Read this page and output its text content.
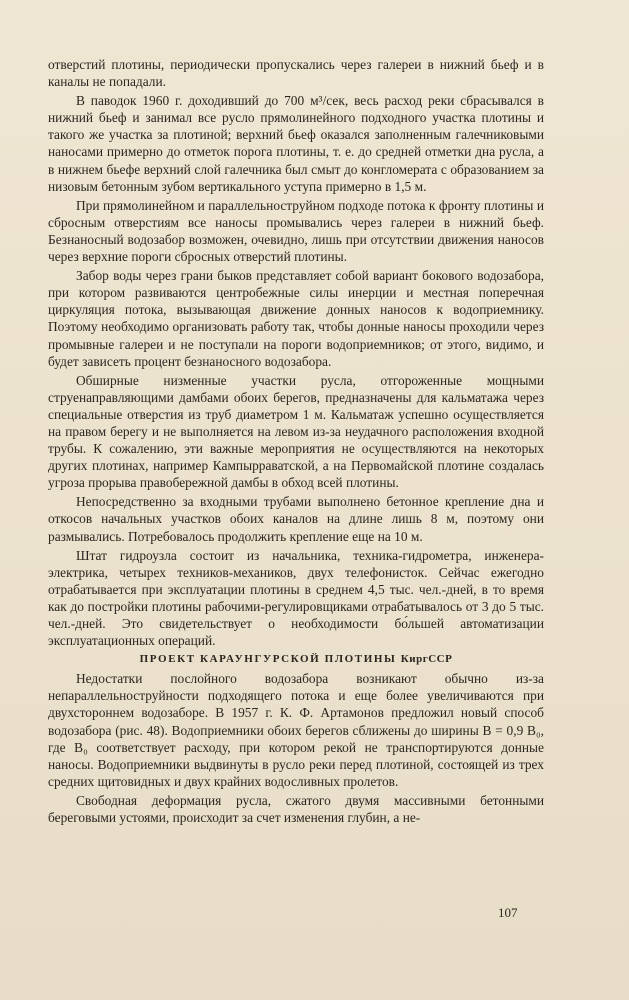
отверстий плотины, периодически пропускались через галереи в нижний бьеф и в каналы не попадали.

В паводок 1960 г. доходивший до 700 м³/сек, весь расход реки сбрасывался в нижний бьеф и занимал все русло прямолинейного подходного участка плотины и такого же участка за плотиной; верхний бьеф оказался заполненным галечниковыми наносами примерно до отметок порога плотины, т. е. до средней отметки дна русла, а в нижнем бьефе верхний слой галечника был смыт до конгломерата с образованием за низовым бетонным зубом вертикального уступа примерно в 1,5 м.

При прямолинейном и параллельноструйном подходе потока к фронту плотины и сбросным отверстиям все наносы промывались через галереи в нижний бьеф. Безнаносный водозабор возможен, очевидно, лишь при отсутствии движения наносов через верхние пороги сбросных отверстий плотины.

Забор воды через грани быков представляет собой вариант бокового водозабора, при котором развиваются центробежные силы инерции и местная поперечная циркуляция потока, вызывающая движение донных наносов к водоприемнику. Поэтому необходимо организовать работу так, чтобы донные наносы проходили через промывные галереи и не поступали на пороги водоприемников; от этого, видимо, и будет зависеть процент безнаносного водозабора.

Обширные низменные участки русла, отгороженные мощными струенаправляющими дамбами обоих берегов, предназначены для кальматажа через специальные отверстия из труб диаметром 1 м. Кальматаж успешно осуществляется на правом берегу и не выполняется на левом из-за неудачного расположения входной трубы. К сожалению, эти важные мероприятия не осуществляются на некоторых других плотинах, например Кампырраватской, а на Первомайской плотине создалась угроза прорыва правобережной дамбы в обход всей плотины.

Непосредственно за входными трубами выполнено бетонное крепление дна и откосов начальных участков обоих каналов на длине лишь 8 м, поэтому они размывались. Потребовалось продолжить крепление еще на 10 м.

Штат гидроузла состоит из начальника, техника-гидрометра, инженера-электрика, четырех техников-механиков, двух телефонисток. Сейчас ежегодно отрабатывается при эксплуатации плотины в среднем 4,5 тыс. чел.-дней, в то время как до постройки плотины рабочими-регулировщиками отрабатывалось от 3 до 5 тыс. чел.-дней. Это свидетельствует о необходимости бо́льшей автоматизации эксплуатационных операций.

ПРОЕКТ КАРАУНГУРСКОЙ ПЛОТИНЫ КиргССР

Недостатки послойного водозабора возникают обычно из-за непараллельноструйности подходящего потока и еще более увеличиваются при двухстороннем водозаборе. В 1957 г. К. Ф. Артамонов предложил новый способ водозабора (рис. 48). Водоприемники обоих берегов сближены до ширины B = 0,9 B₀, где B₀ соответствует расходу, при котором рекой не транспортируются донные наносы. Водоприемники выдвинуты в русло реки перед плотиной, состоящей из трех средних щитовидных и двух крайних водосливных пролетов.

Свободная деформация русла, сжатого двумя массивными бетонными береговыми устоями, происходит за счет изменения глубин, а не-

107
